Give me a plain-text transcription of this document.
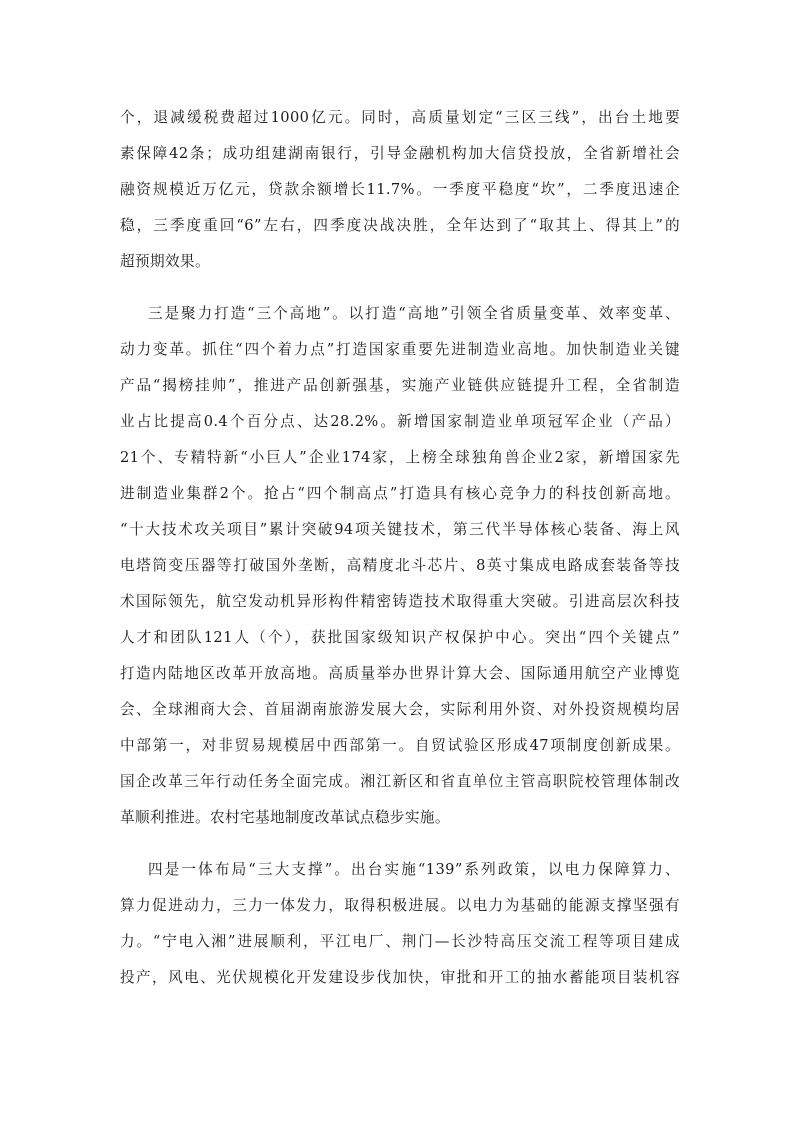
个，退减缓税费超过1000亿元。同时，高质量划定“三区三线”，出台土地要
素保障42条；成功组建湖南银行，引导金融机构加大信贷投放，全省新增社会
融资规模近万亿元，贷款余额增长11.7%。一季度平稳度“坎”，二季度迅速企
稳，三季度重回“6”左右，四季度决战决胜，全年达到了“取其上、得其上”的
超预期效果。
三是聚力打造“三个高地”。以打造“高地”引领全省质量变革、效率变革、
动力变革。抓住“四个着力点”打造国家重要先进制造业高地。加快制造业关键
产品“揭榜挂帅”，推进产品创新强基，实施产业链供应链提升工程，全省制造
业占比提高0.4个百分点、达28.2%。新增国家制造业单项冠军企业（产品）
21个、专精特新“小巨人”企业174家，上榜全球独角兽企业2家，新增国家先
进制造业集群2个。抢占“四个制高点”打造具有核心竞争力的科技创新高地。
“十大技术攻关项目”累计突破94项关键技术，第三代半导体核心装备、海上风
电塔筒变压器等打破国外垄断，高精度北斗芯片、8英寸集成电路成套装备等技
术国际领先，航空发动机异形构件精密铸造技术取得重大突破。引进高层次科技
人才和团队121人（个），获批国家级知识产权保护中心。突出“四个关键点”
打造内陆地区改革开放高地。高质量举办世界计算大会、国际通用航空产业博览
会、全球湘商大会、首届湖南旅游发展大会，实际利用外资、对外投资规模均居
中部第一，对非贸易规模居中西部第一。自贸试验区形成47项制度创新成果。
国企改革三年行动任务全面完成。湘江新区和省直单位主管高职院校管理体制改
革顺利推进。农村宅基地制度改革试点稳步实施。
四是一体布局“三大支撑”。出台实施“139”系列政策，以电力保障算力、
算力促进动力，三力一体发力，取得积极进展。以电力为基础的能源支撑坚强有
力。“宁电入湘”进展顺利，平江电厂、荆门—长沙特高压交流工程等项目建成
投产，风电、光伏规模化开发建设步伐加快，审批和开工的抽水蓄能项目装机容
